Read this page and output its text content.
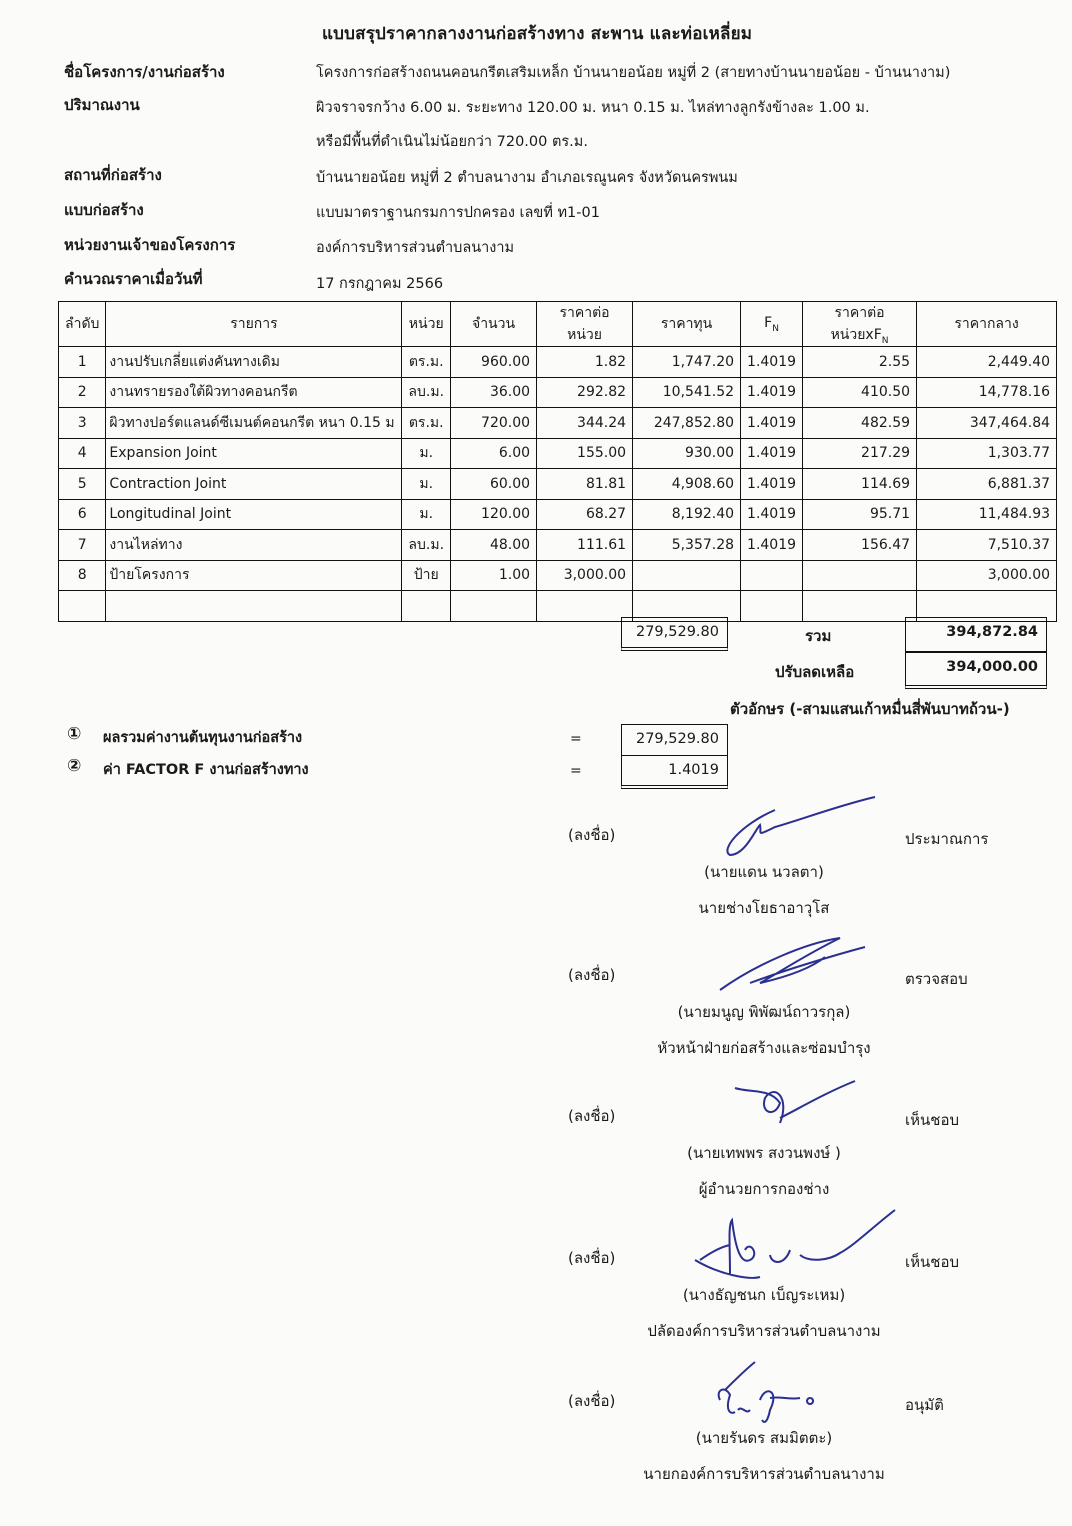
แบบสรุปราคากลางงานก่อสร้างทาง สะพาน และท่อเหลี่ยม
ชื่อโครงการ/งานก่อสร้าง	โครงการก่อสร้างถนนคอนกรีตเสริมเหล็ก บ้านนายอน้อย หมู่ที่ 2 (สายทางบ้านนายอน้อย - บ้านนางาม)
ปริมาณงาน	ผิวจราจรกว้าง 6.00 ม. ระยะทาง 120.00 ม. หนา 0.15 ม. ไหล่ทางลูกรังข้างละ 1.00 ม.
หรือมีพื้นที่ดำเนินไม่น้อยกว่า 720.00 ตร.ม.
สถานที่ก่อสร้าง	บ้านนายอน้อย หมู่ที่ 2 ตำบลนางาม อำเภอเรณูนคร จังหวัดนครพนม
แบบก่อสร้าง	แบบมาตราฐานกรมการปกครอง เลขที่ ท1-01
หน่วยงานเจ้าของโครงการ	องค์การบริหารส่วนตำบลนางาม
คำนวณราคาเมื่อวันที่	17 กรกฎาคม 2566
ลำดับ	รายการ	หน่วย	จำนวน	ราคาต่อหน่วย	ราคาทุน	$F_N$	ราคาต่อหน่วย$xF_N$	ราคากลาง
1	งานปรับเกลี่ยแต่งคันทางเดิม	ตร.ม.	960.00	1.82	1,747.20	1.4019	2.55	2,449.40
2	งานทรายรองใต้ผิวทางคอนกรีต	ลบ.ม.	36.00	292.82	10,541.52	1.4019	410.50	14,778.16
3	ผิวทางปอร์ตแลนด์ซีเมนต์คอนกรีต หนา 0.15 ม	ตร.ม.	720.00	344.24	247,852.80	1.4019	482.59	347,464.84
4	Expansion Joint	ม.	6.00	155.00	930.00	1.4019	217.29	1,303.77
5	Contraction Joint	ม.	60.00	81.81	4,908.60	1.4019	114.69	6,881.37
6	Longitudinal Joint	ม.	120.00	68.27	8,192.40	1.4019	95.71	11,484.93
7	งานไหล่ทาง	ลบ.ม.	48.00	111.61	5,357.28	1.4019	156.47	7,510.37
8	ป้ายโครงการ	ป้าย	1.00	3,000.00				3,000.00

279,529.80	รวม	394,872.84
ปรับลดเหลือ	394,000.00
ตัวอักษร (-สามแสนเก้าหมื่นสี่พันบาทถ้วน-)
① ผลรวมค่างานต้นทุนงานก่อสร้าง	=	279,529.80
② ค่า FACTOR F งานก่อสร้างทาง	=	1.4019
(ลงชื่อ)	ประมาณการ
(นายแดน นวลตา)
นายช่างโยธาอาวุโส
(ลงชื่อ)	ตรวจสอบ
(นายมนูญ พิพัฒน์ถาวรกุล)
หัวหน้าฝ่ายก่อสร้างและซ่อมบำรุง
(ลงชื่อ)	เห็นชอบ
(นายเทพพร สงวนพงษ์ )
ผู้อำนวยการกองช่าง
(ลงชื่อ)	เห็นชอบ
(นางธัญชนก เบ็ญระเหม)
ปลัดองค์การบริหารส่วนตำบลนางาม
(ลงชื่อ)	อนุมัติ
(นายรันดร สมมิตตะ)
นายกองค์การบริหารส่วนตำบลนางาม
